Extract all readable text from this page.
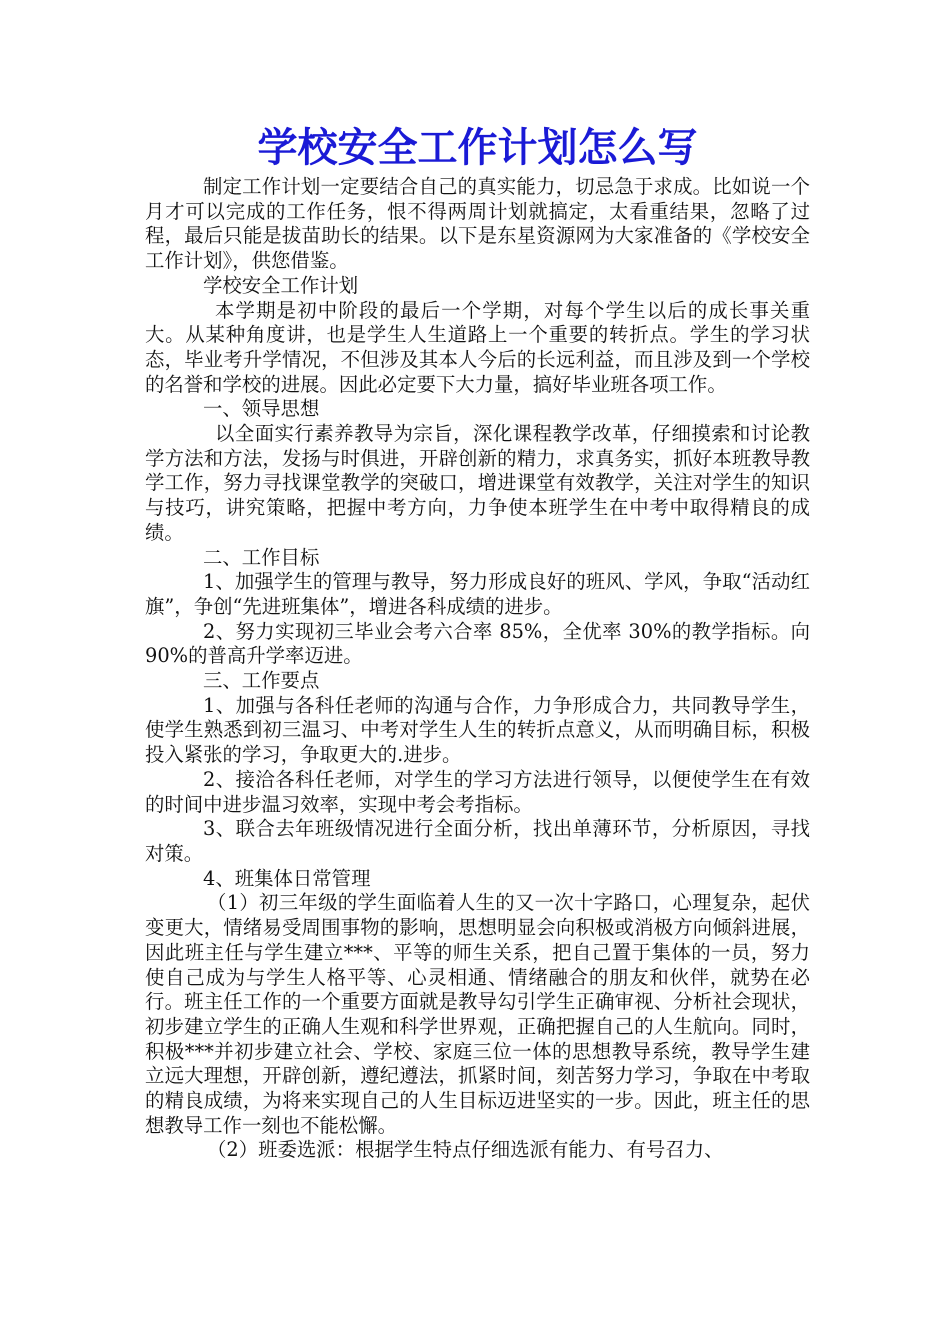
学校安全工作计划怎么写

制定工作计划一定要结合自己的真实能力，切忌急于求成。比如说一个月才可以完成的工作任务，恨不得两周计划就搞定，太看重结果，忽略了过程，最后只能是拔苗助长的结果。以下是东星资源网为大家准备的《学校安全工作计划》，供您借鉴。

学校安全工作计划

本学期是初中阶段的最后一个学期，对每个学生以后的成长事关重大。从某种角度讲，也是学生人生道路上一个重要的转折点。学生的学习状态，毕业考升学情况，不但涉及其本人今后的长远利益，而且涉及到一个学校的名誉和学校的进展。因此必定要下大力量，搞好毕业班各项工作。

一、领导思想

以全面实行素养教导为宗旨，深化课程教学改革，仔细摸索和讨论教学方法和方法，发扬与时俱进，开辟创新的精力，求真务实，抓好本班教导教学工作，努力寻找课堂教学的突破口，增进课堂有效教学，关注对学生的知识与技巧，讲究策略，把握中考方向，力争使本班学生在中考中取得精良的成绩。

二、工作目标

1、加强学生的管理与教导，努力形成良好的班风、学风，争取“活动红旗”，争创“先进班集体”，增进各科成绩的进步。

2、努力实现初三毕业会考六合率 85%，全优率 30%的教学指标。向 90%的普高升学率迈进。

三、工作要点

1、加强与各科任老师的沟通与合作，力争形成合力，共同教导学生，使学生熟悉到初三温习、中考对学生人生的转折点意义，从而明确目标，积极投入紧张的学习，争取更大的.进步。

2、接洽各科任老师，对学生的学习方法进行领导，以便使学生在有效的时间中进步温习效率，实现中考会考指标。

3、联合去年班级情况进行全面分析，找出单薄环节，分析原因，寻找对策。

4、班集体日常管理

（1）初三年级的学生面临着人生的又一次十字路口，心理复杂，起伏变更大，情绪易受周围事物的影响，思想明显会向积极或消极方向倾斜进展，因此班主任与学生建立***、平等的师生关系，把自己置于集体的一员，努力使自己成为与学生人格平等、心灵相通、情绪融合的朋友和伙伴，就势在必行。班主任工作的一个重要方面就是教导勾引学生正确审视、分析社会现状，初步建立学生的正确人生观和科学世界观，正确把握自己的人生航向。同时，积极***并初步建立社会、学校、家庭三位一体的思想教导系统，教导学生建立远大理想，开辟创新，遵纪遵法，抓紧时间，刻苦努力学习，争取在中考取的精良成绩，为将来实现自己的人生目标迈进坚实的一步。因此，班主任的思想教导工作一刻也不能松懈。

（2）班委选派：根据学生特点仔细选派有能力、有号召力、
